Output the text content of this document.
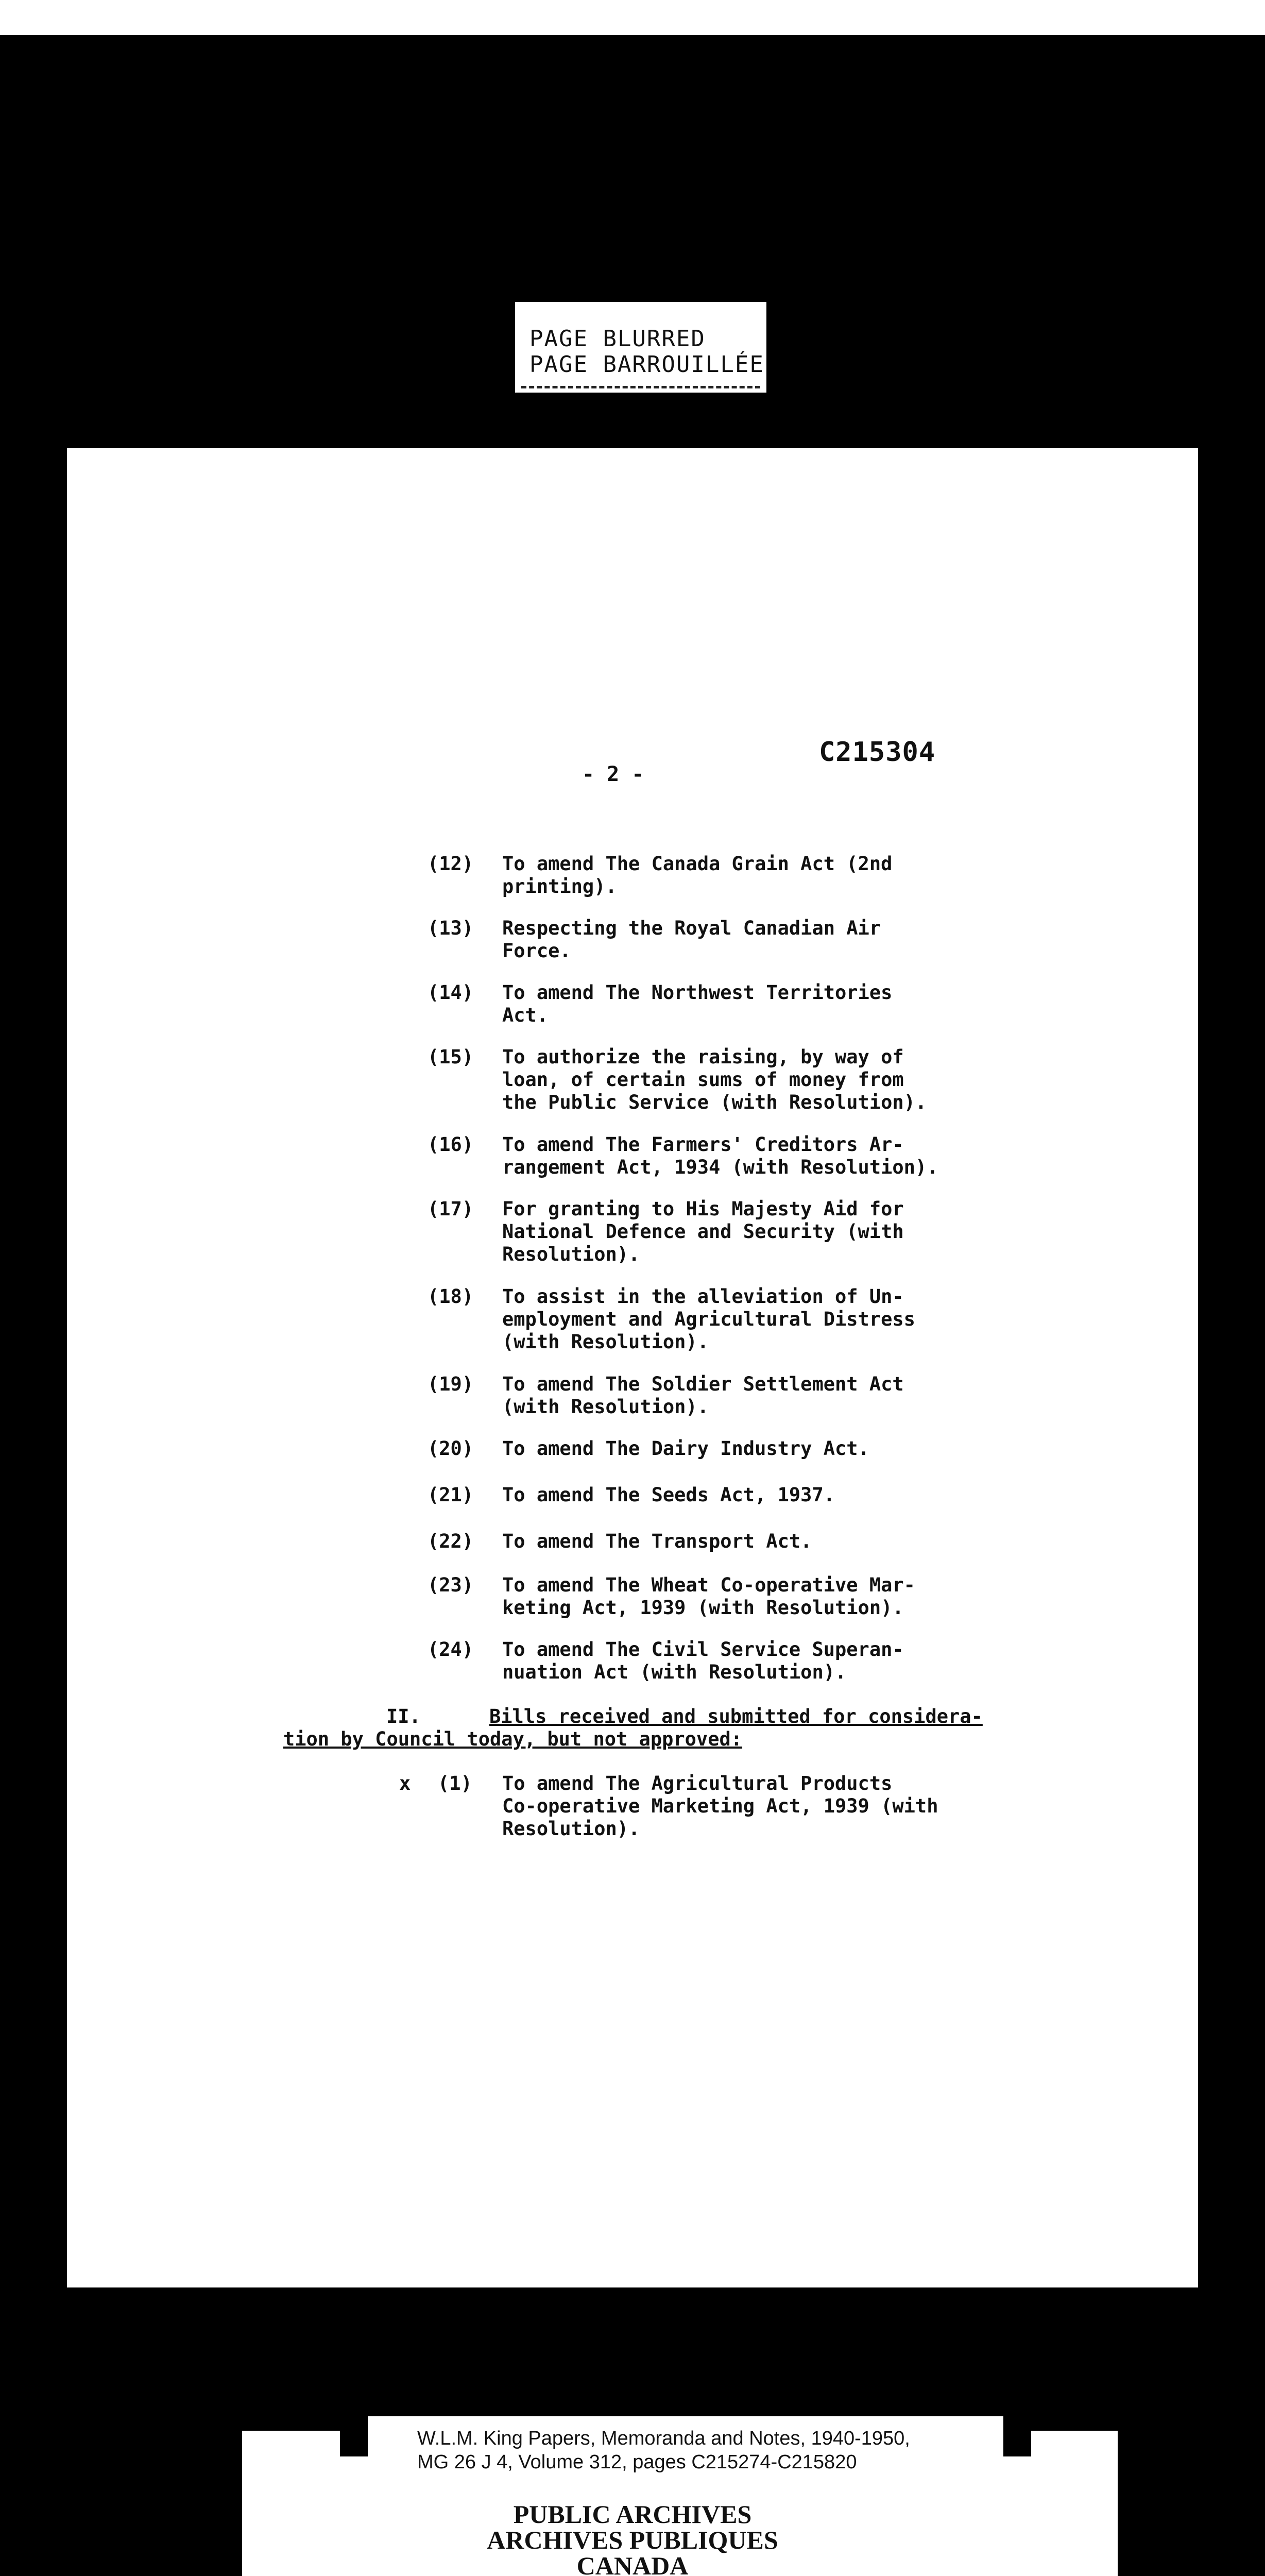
PAGE BLURRED
PAGE BARROUILLÉE
C215304
- 2 -
(12) To amend The Canada Grain Act (2nd
printing).
(13) Respecting the Royal Canadian Air
Force.
(14) To amend The Northwest Territories
Act.
(15) To authorize the raising, by way of
loan, of certain sums of money from
the Public Service (with Resolution).
(16) To amend The Farmers' Creditors Ar-
rangement Act, 1934 (with Resolution).
(17) For granting to His Majesty Aid for
National Defence and Security (with
Resolution).
(18) To assist in the alleviation of Un-
employment and Agricultural Distress
(with Resolution).
(19) To amend The Soldier Settlement Act
(with Resolution).
(20) To amend The Dairy Industry Act.
(21) To amend The Seeds Act, 1937.
(22) To amend The Transport Act.
(23) To amend The Wheat Co-operative Mar-
keting Act, 1939 (with Resolution).
(24) To amend The Civil Service Superan-
nuation Act (with Resolution).
II.	Bills received and submitted for considera-
tion by Council today, but not approved:
x (1) To amend The Agricultural Products
Co-operative Marketing Act, 1939 (with
Resolution).
W.L.M. King Papers, Memoranda and Notes, 1940-1950,
MG 26 J 4, Volume 312, pages C215274-C215820
PUBLIC ARCHIVES
ARCHIVES PUBLIQUES
CANADA
